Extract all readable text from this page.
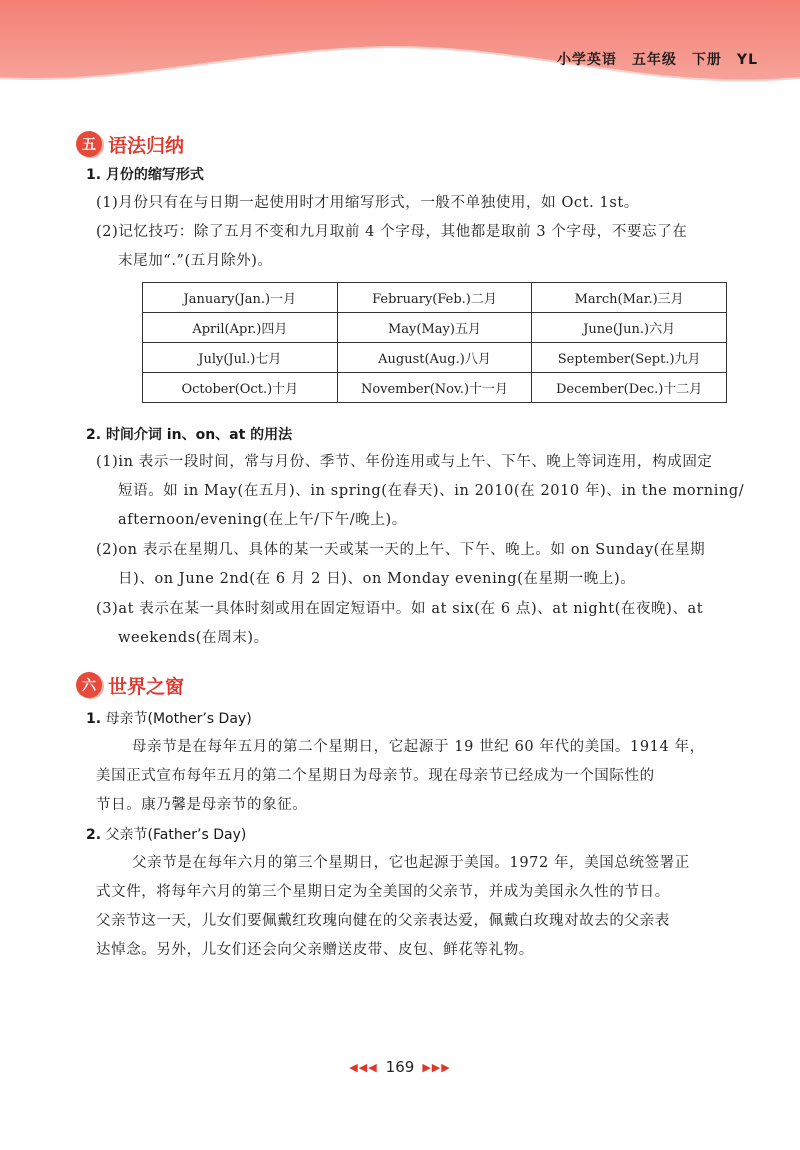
小学英语　五年级　下册　YL
五 语法归纳
1. 月份的缩写形式
(1)月份只有在与日期一起使用时才用缩写形式，一般不单独使用，如 Oct. 1st。
(2)记忆技巧：除了五月不变和九月取前 4 个字母，其他都是取前 3 个字母，不要忘了在
末尾加“.”(五月除外)。
January(Jan.)一月	February(Feb.)二月	March(Mar.)三月
April(Apr.)四月	May(May)五月	June(Jun.)六月
July(Jul.)七月	August(Aug.)八月	September(Sept.)九月
October(Oct.)十月	November(Nov.)十一月	December(Dec.)十二月
2. 时间介词 in、on、at 的用法
(1)in 表示一段时间，常与月份、季节、年份连用或与上午、下午、晚上等词连用，构成固定
短语。如 in May(在五月)、in spring(在春天)、in 2010(在 2010 年)、in the morning/
afternoon/evening(在上午/下午/晚上)。
(2)on 表示在星期几、具体的某一天或某一天的上午、下午、晚上。如 on Sunday(在星期
日)、on June 2nd(在 6 月 2 日)、on Monday evening(在星期一晚上)。
(3)at 表示在某一具体时刻或用在固定短语中。如 at six(在 6 点)、at night(在夜晚)、at
weekends(在周末)。
六 世界之窗
1. 母亲节(Mother’s Day)
母亲节是在每年五月的第二个星期日，它起源于 19 世纪 60 年代的美国。1914 年，
美国正式宣布每年五月的第二个星期日为母亲节。现在母亲节已经成为一个国际性的
节日。康乃馨是母亲节的象征。
2. 父亲节(Father’s Day)
父亲节是在每年六月的第三个星期日，它也起源于美国。1972 年，美国总统签署正
式文件，将每年六月的第三个星期日定为全美国的父亲节，并成为美国永久性的节日。
父亲节这一天，儿女们要佩戴红玫瑰向健在的父亲表达爱，佩戴白玫瑰对故去的父亲表
达悼念。另外，儿女们还会向父亲赠送皮带、皮包、鲜花等礼物。
◀◀◀ 169 ▶▶▶
